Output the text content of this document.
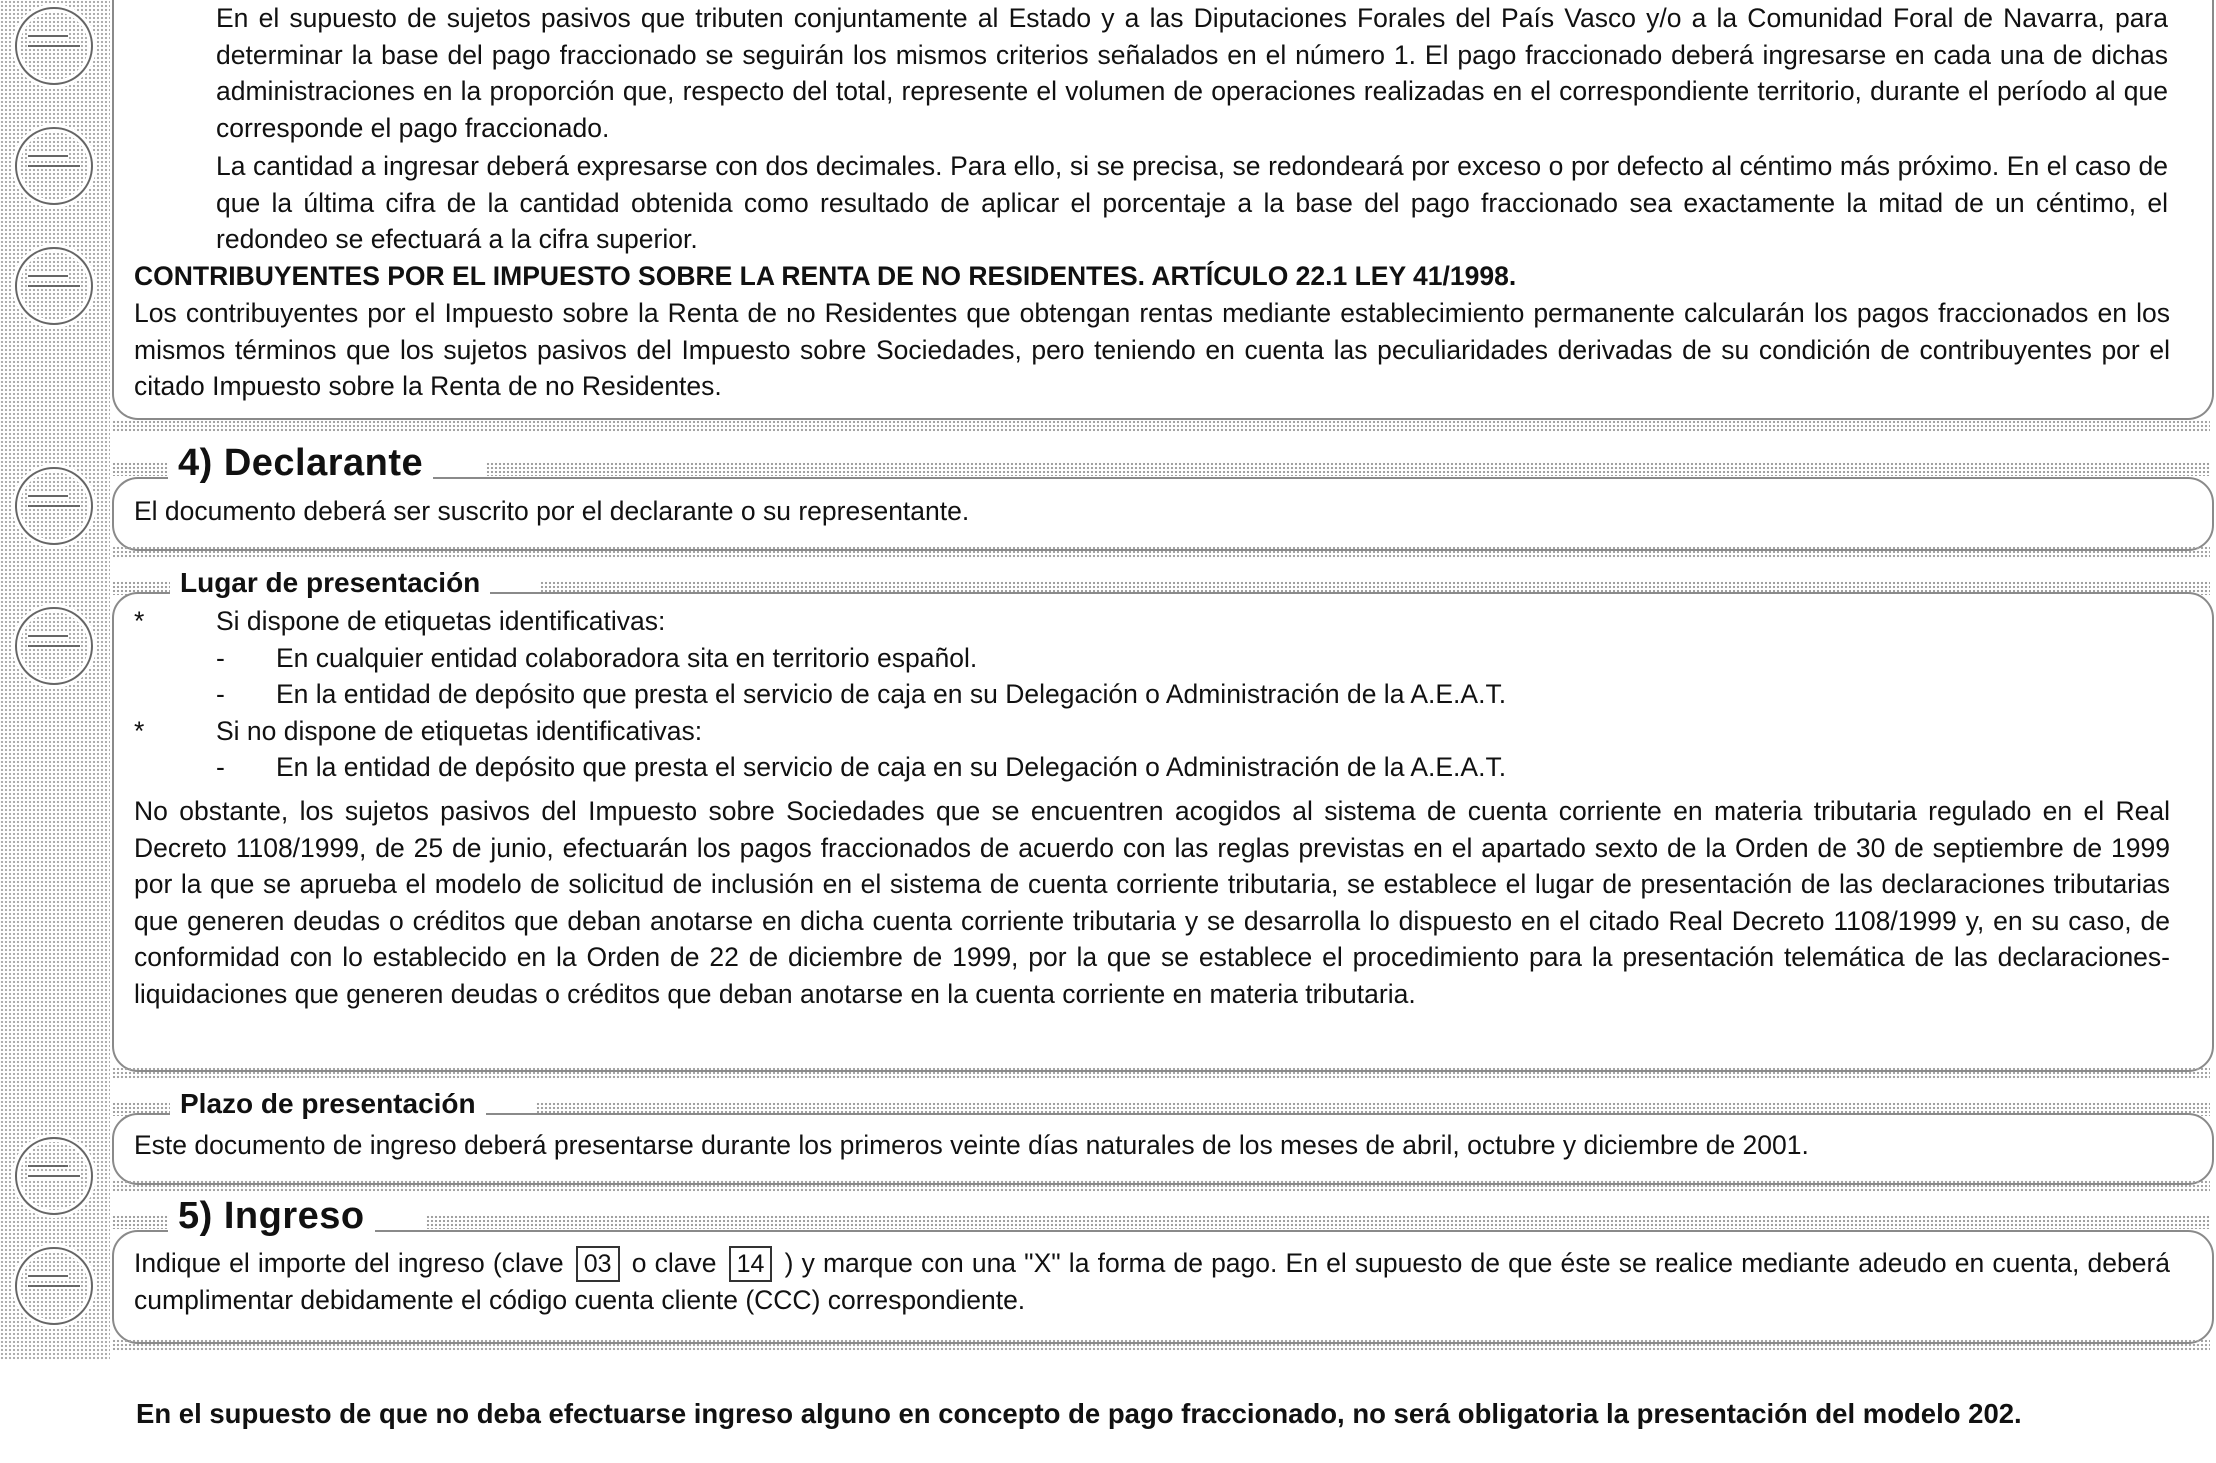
En el supuesto de sujetos pasivos que tributen conjuntamente al Estado y a las Diputaciones Forales del País Vasco y/o a la Comunidad Foral de Navarra, para determinar la base del pago fraccionado se seguirán los mismos criterios señalados en el número 1. El pago fraccionado deberá ingresarse en cada una de dichas administraciones en la proporción que, respecto del total, represente el volumen de operaciones realizadas en el correspondiente territorio, durante el período al que corresponde el pago fraccionado.

La cantidad a ingresar deberá expresarse con dos decimales. Para ello, si se precisa, se redondeará por exceso o por defecto al céntimo más próximo. En el caso de que la última cifra de la cantidad obtenida como resultado de aplicar el porcentaje a la base del pago fraccionado sea exactamente la mitad de un céntimo, el redondeo se efectuará a la cifra superior.

CONTRIBUYENTES POR EL IMPUESTO SOBRE LA RENTA DE NO RESIDENTES. ARTÍCULO 22.1 LEY 41/1998.

Los contribuyentes por el Impuesto sobre la Renta de no Residentes que obtengan rentas mediante establecimiento permanente calcularán los pagos fraccionados en los mismos términos que los sujetos pasivos del Impuesto sobre Sociedades, pero teniendo en cuenta las peculiaridades derivadas de su condición de contribuyentes por el citado Impuesto sobre la Renta de no Residentes.

4) Declarante
El documento deberá ser suscrito por el declarante o su representante.
Lugar de presentación
*	Si dispone de etiquetas identificativas:
- En cualquier entidad colaboradora sita en territorio español.
- En la entidad de depósito que presta el servicio de caja en su Delegación o Administración de la A.E.A.T.
*	Si no dispone de etiquetas identificativas:
- En la entidad de depósito que presta el servicio de caja en su Delegación o Administración de la A.E.A.T.

No obstante, los sujetos pasivos del Impuesto sobre Sociedades que se encuentren acogidos al sistema de cuenta corriente en materia tributaria regulado en el Real Decreto 1108/1999, de 25 de junio, efectuarán los pagos fraccionados de acuerdo con las reglas previstas en el apartado sexto de la Orden de 30 de septiembre de 1999 por la que se aprueba el modelo de solicitud de inclusión en el sistema de cuenta corriente tributaria, se establece el lugar de presentación de las declaraciones tributarias que generen deudas o créditos que deban anotarse en dicha cuenta corriente tributaria y se desarrolla lo dispuesto en el citado Real Decreto 1108/1999 y, en su caso, de conformidad con lo establecido en la Orden de 22 de diciembre de 1999, por la que se establece el procedimiento para la presentación telemática de las declaraciones-liquidaciones que generen deudas o créditos que deban anotarse en la cuenta corriente en materia tributaria.

Plazo de presentación
Este documento de ingreso deberá presentarse durante los primeros veinte días naturales de los meses de abril, octubre y diciembre de 2001.
5) Ingreso

Indique el importe del ingreso (clave 03 o clave 14 ) y marque con una "X" la forma de pago. En el supuesto de que éste se realice mediante adeudo en cuenta, deberá cumplimentar debidamente el código cuenta cliente (CCC) correspondiente.

En el supuesto de que no deba efectuarse ingreso alguno en concepto de pago fraccionado, no será obligatoria la presentación del modelo 202.
